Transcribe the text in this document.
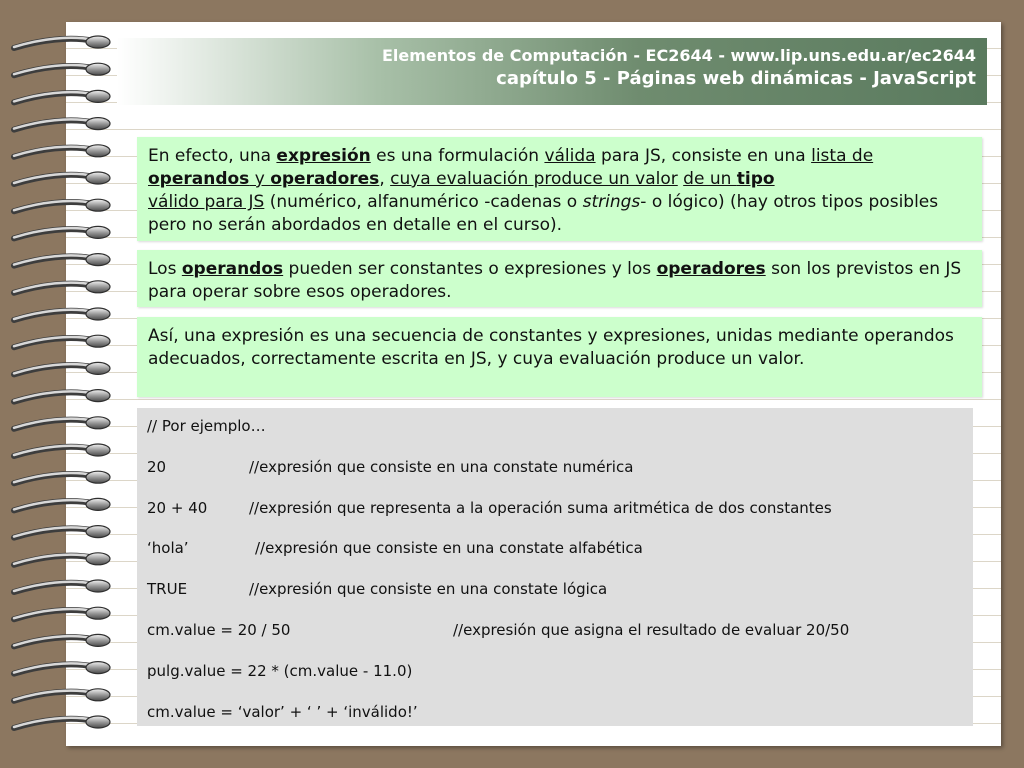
Elementos de Computación - EC2644 - www.lip.uns.edu.ar/ec2644
capítulo 5 - Páginas web dinámicas - JavaScript
En efecto, una expresión es una formulación válida para JS, consiste en una lista de operandos y operadores, cuya evaluación produce un valor de un tipo
válido para JS (numérico, alfanumérico -cadenas o strings- o lógico) (hay otros tipos posibles pero no serán abordados en detalle en el curso).
Los operandos pueden ser constantes o expresiones y los operadores son los previstos en JS para operar sobre esos operadores.
Así, una expresión es una secuencia de constantes y expresiones, unidas mediante operandos adecuados, correctamente escrita en JS, y cuya evaluación produce un valor.
// Por ejemplo…
20	//expresión que consiste en una constate numérica
20 + 40	//expresión que representa a la operación suma aritmética de dos constantes
‘hola’	//expresión que consiste en una constate alfabética
TRUE	//expresión que consiste en una constate lógica
cm.value = 20 / 50	//expresión que asigna el resultado de evaluar 20/50
pulg.value = 22 * (cm.value - 11.0)
cm.value = ‘valor’ + ‘ ’ + ‘inválido!’
